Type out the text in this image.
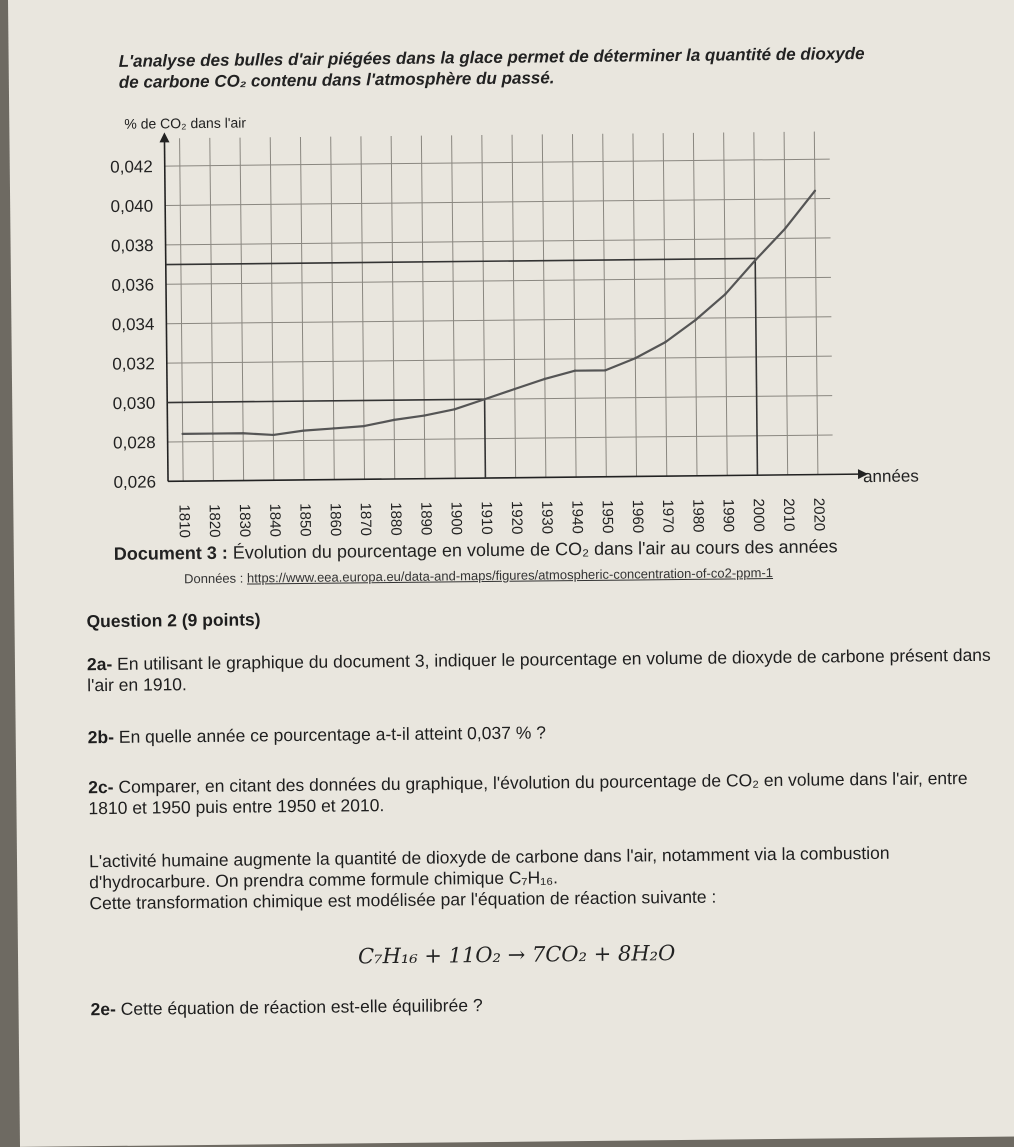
L'analyse des bulles d'air piégées dans la glace permet de déterminer la quantité de dioxyde

de carbone CO₂ contenu dans l'atmosphère du passé.

0,026
0,028
0,030
0,032
0,034
0,036
0,038
0,040
0,042
1810 1820 1830 1840 1850 1860 1870 1880 1890 1900 1910 1920 1930 1940 1950 1960 1970 1980 1990 2000 2010 2020
% de CO₂ dans l'air
années
Document 3 : Évolution du pourcentage en volume de CO₂ dans l'air au cours des années
Données : https://www.eea.europa.eu/data-and-maps/figures/atmospheric-concentration-of-co2-ppm-1
Question 2 (9 points)
2a- En utilisant le graphique du document 3, indiquer le pourcentage en volume de dioxyde de carbone présent dans l'air en 1910.
2b- En quelle année ce pourcentage a-t-il atteint 0,037 % ?
2c- Comparer, en citant des données du graphique, l'évolution du pourcentage de CO₂ en volume dans l'air, entre 1810 et 1950 puis entre 1950 et 2010.
L'activité humaine augmente la quantité de dioxyde de carbone dans l'air, notamment via la combustion d'hydrocarbure. On prendra comme formule chimique C₇H₁₆.
Cette transformation chimique est modélisée par l'équation de réaction suivante :
C₇H₁₆ + 11O₂ → 7CO₂ + 8H₂O
2e- Cette équation de réaction est-elle équilibrée ?
